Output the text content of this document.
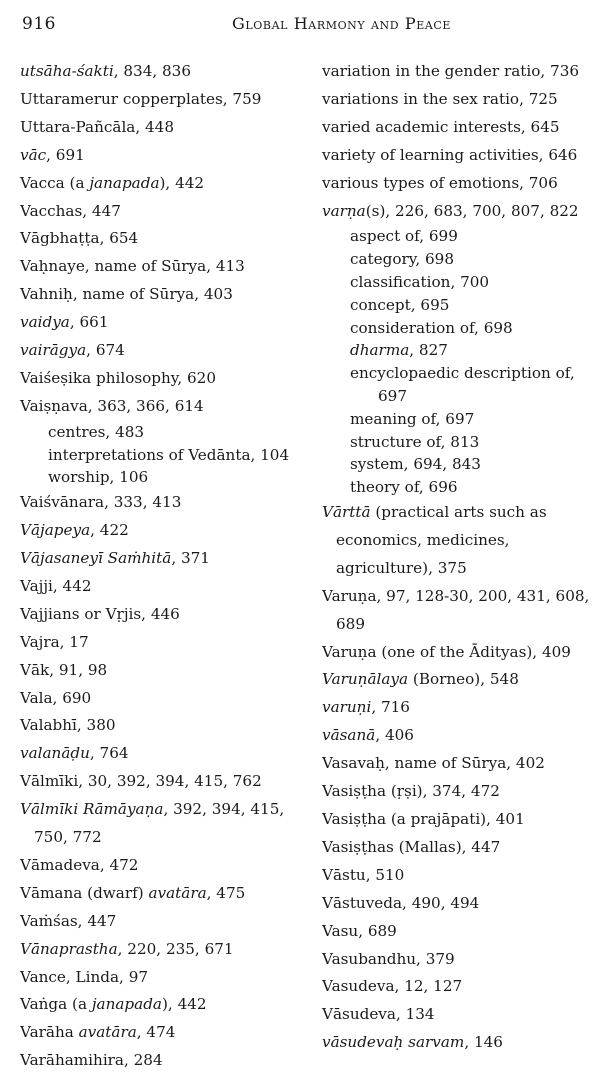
916	Global Harmony and Peace
utsāha-śakti, 834, 836
Uttaramerur copperplates, 759
Uttara-Pañcāla, 448
vāc, 691
Vacca (a janapada), 442
Vacchas, 447
Vāgbhaṭṭa, 654
Vaḥnaye, name of Sūrya, 413
Vahniḥ, name of Sūrya, 403
vaidya, 661
vairāgya, 674
Vaiśeṣika philosophy, 620
Vaiṣṇava, 363, 366, 614
centres, 483
interpretations of Vedānta, 104
worship, 106
Vaiśvānara, 333, 413
Vājapeya, 422
Vājasaneyī Saṁhitā, 371
Vajji, 442
Vajjians or Vṛjis, 446
Vajra, 17
Vāk, 91, 98
Vala, 690
Valabhī, 380
valanāḍu, 764
Vālmīki, 30, 392, 394, 415, 762
Vālmīki Rāmāyaṇa, 392, 394, 415,
750, 772
Vāmadeva, 472
Vāmana (dwarf) avatāra, 475
Vaṁśas, 447
Vānaprastha, 220, 235, 671
Vance, Linda, 97
Vaṅga (a janapada), 442
Varāha avatāra, 474
Varāhamihira, 284
variation in the gender ratio, 736
variations in the sex ratio, 725
varied academic interests, 645
variety of learning activities, 646
various types of emotions, 706
varṇa(s), 226, 683, 700, 807, 822
aspect of, 699
category, 698
classification, 700
concept, 695
consideration of, 698
dharma, 827
encyclopaedic description of,
697
meaning of, 697
structure of, 813
system, 694, 843
theory of, 696
Vārttā (practical arts such as
economics, medicines,
agriculture), 375
Varuṇa, 97, 128-30, 200, 431, 608,
689
Varuṇa (one of the Ādityas), 409
Varuṇālaya (Borneo), 548
varuṇi, 716
vāsanā, 406
Vasavaḥ, name of Sūrya, 402
Vasiṣṭha (ṛṣi), 374, 472
Vasiṣṭha (a prajāpati), 401
Vasiṣṭhas (Mallas), 447
Vāstu, 510
Vāstuveda, 490, 494
Vasu, 689
Vasubandhu, 379
Vasudeva, 12, 127
Vāsudeva, 134
vāsudevaḥ sarvam, 146
